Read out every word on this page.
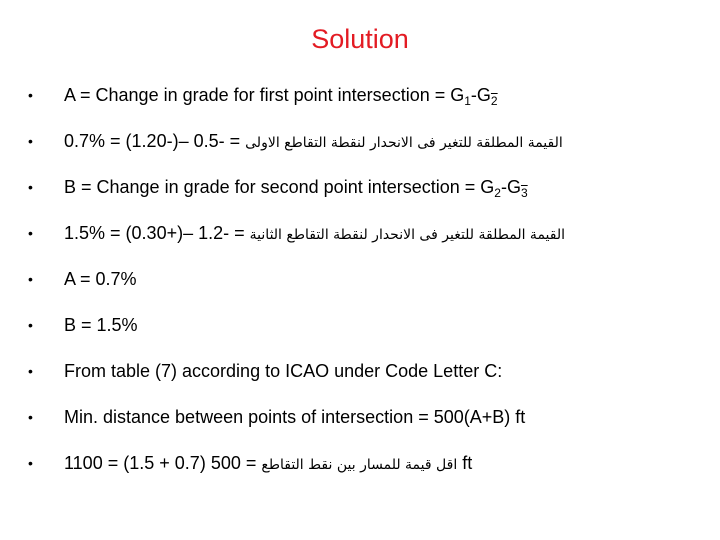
Solution
•	A = Change in grade for first point intersection = $G_1-G_2$
•	القيمة المطلقة للتغير فى الانحدار لنقطة التقاطع الاولى = -0.5 –(-1.20) = 0.7%
•	B = Change in grade for second point intersection = $G_2-G_3$
•	القيمة المطلقة للتغير فى الانحدار لنقطة التقاطع الثانية = -1.2 –(+0.30) = 1.5%
•	A = 0.7%
•	B = 1.5%
•	From table (7) according to ICAO under Code Letter C:
•	Min. distance between points of intersection = 500(A+B) ft
•	اقل قيمة للمسار بين نقط التقاطع = 500 (0.7 + 1.5) = 1100 ft
